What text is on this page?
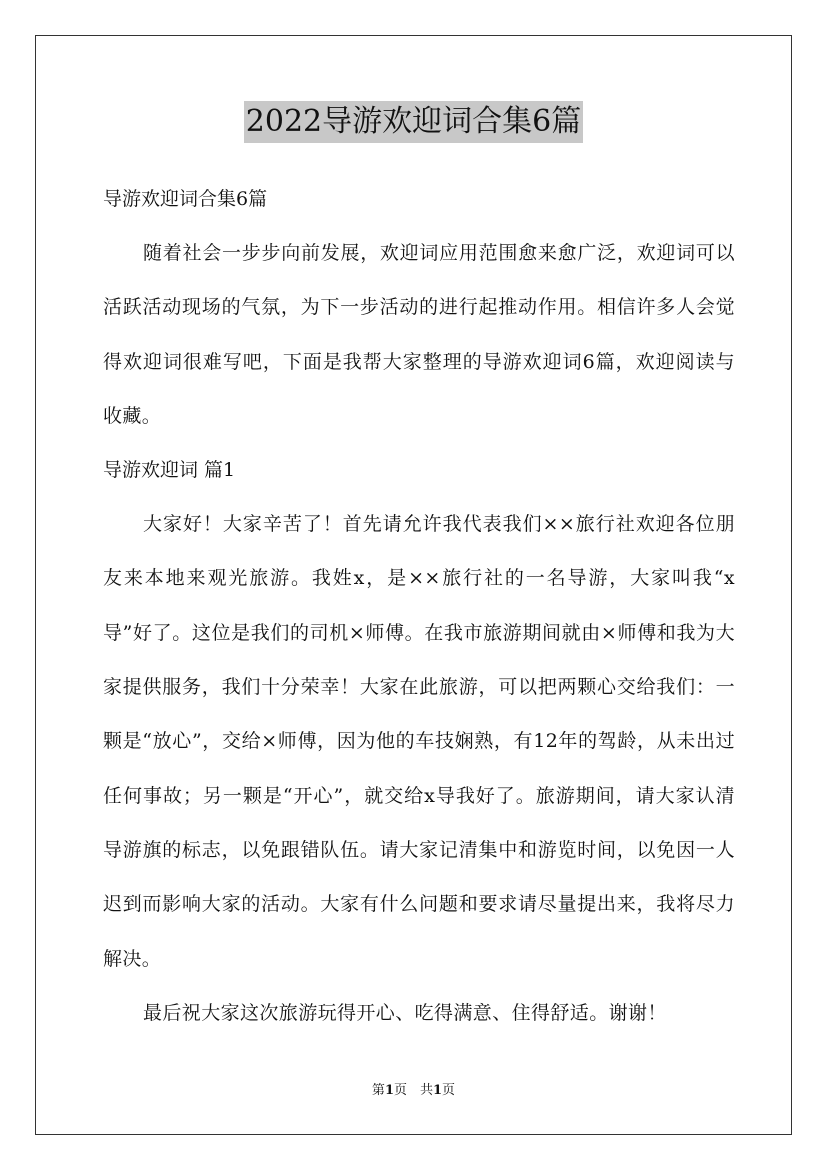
2022导游欢迎词合集6篇

导游欢迎词合集6篇

随着社会一步步向前发展，欢迎词应用范围愈来愈广泛，欢迎词可以活跃活动现场的气氛，为下一步活动的进行起推动作用。相信许多人会觉得欢迎词很难写吧，下面是我帮大家整理的导游欢迎词6篇，欢迎阅读与收藏。

导游欢迎词 篇1

大家好！大家辛苦了！首先请允许我代表我们××旅行社欢迎各位朋友来本地来观光旅游。我姓x，是××旅行社的一名导游，大家叫我“x导”好了。这位是我们的司机×师傅。在我市旅游期间就由×师傅和我为大家提供服务，我们十分荣幸！大家在此旅游，可以把两颗心交给我们：一颗是“放心”，交给×师傅，因为他的车技娴熟，有12年的驾龄，从未出过任何事故；另一颗是“开心”，就交给x导我好了。旅游期间，请大家认清导游旗的标志，以免跟错队伍。请大家记清集中和游览时间，以免因一人迟到而影响大家的活动。大家有什么问题和要求请尽量提出来，我将尽力解决。

最后祝大家这次旅游玩得开心、吃得满意、住得舒适。谢谢！

第1页　共1页
